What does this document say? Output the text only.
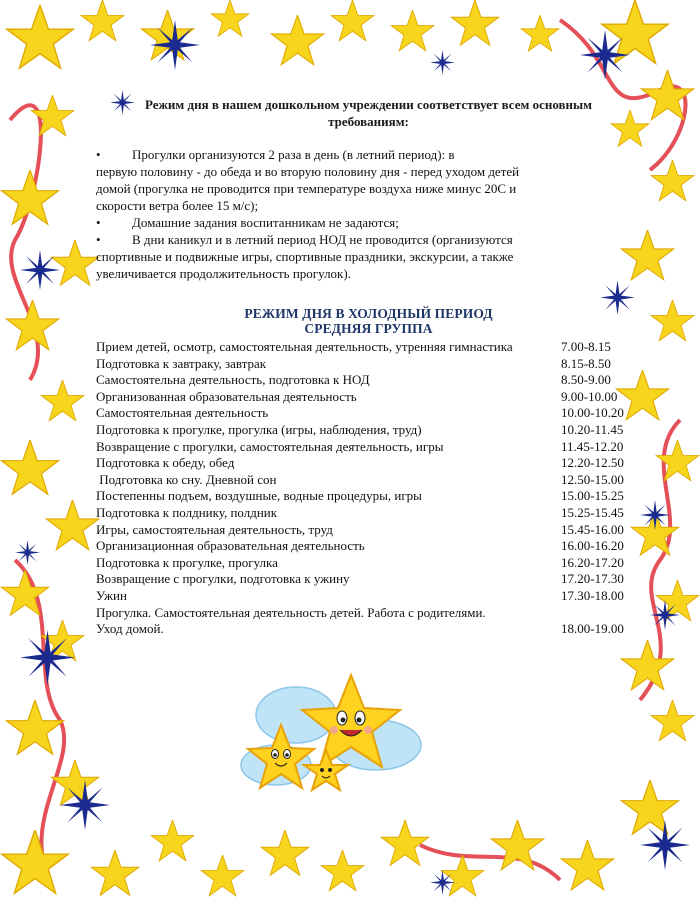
Режим дня в нашем дошкольном учреждении соответствует всем основным
требованиям:
• Прогулки организуются 2 раза в день (в летний период): в
первую половину - до обеда и во вторую половину дня - перед уходом детей
домой (прогулка не проводится при температуре воздуха ниже минус 20С и
скорости ветра более 15 м/с);
• Домашние задания воспитанникам не задаются;
• В дни каникул и в летний период НОД не проводится (организуются
спортивные и подвижные игры, спортивные праздники, экскурсии, а также
увеличивается продолжительность прогулок).
РЕЖИМ ДНЯ В ХОЛОДНЫЙ ПЕРИОД
СРЕДНЯЯ ГРУППА
Прием детей, осмотр, самостоятельная деятельность, утренняя гимнастика	7.00-8.15
Подготовка к завтраку, завтрак	8.15-8.50
Самостоятельна деятельность, подготовка к НОД	8.50-9.00
Организованная образовательная деятельность	9.00-10.00
Самостоятельная деятельность	10.00-10.20
Подготовка к прогулке, прогулка (игры, наблюдения, труд)	10.20-11.45
Возвращение с прогулки, самостоятельная деятельность, игры	11.45-12.20
Подготовка к обеду, обед	12.20-12.50
Подготовка ко сну. Дневной сон	12.50-15.00
Постепенны подъем, воздушные, водные процедуры, игры	15.00-15.25
Подготовка к полднику, полдник	15.25-15.45
Игры, самостоятельная деятельность, труд	15.45-16.00
Организационная образовательная деятельность	16.00-16.20
Подготовка к прогулке, прогулка	16.20-17.20
Возвращение с прогулки, подготовка к ужину	17.20-17.30
Ужин	17.30-18.00
Прогулка. Самостоятельная деятельность детей. Работа с родителями.
Уход домой.	18.00-19.00
